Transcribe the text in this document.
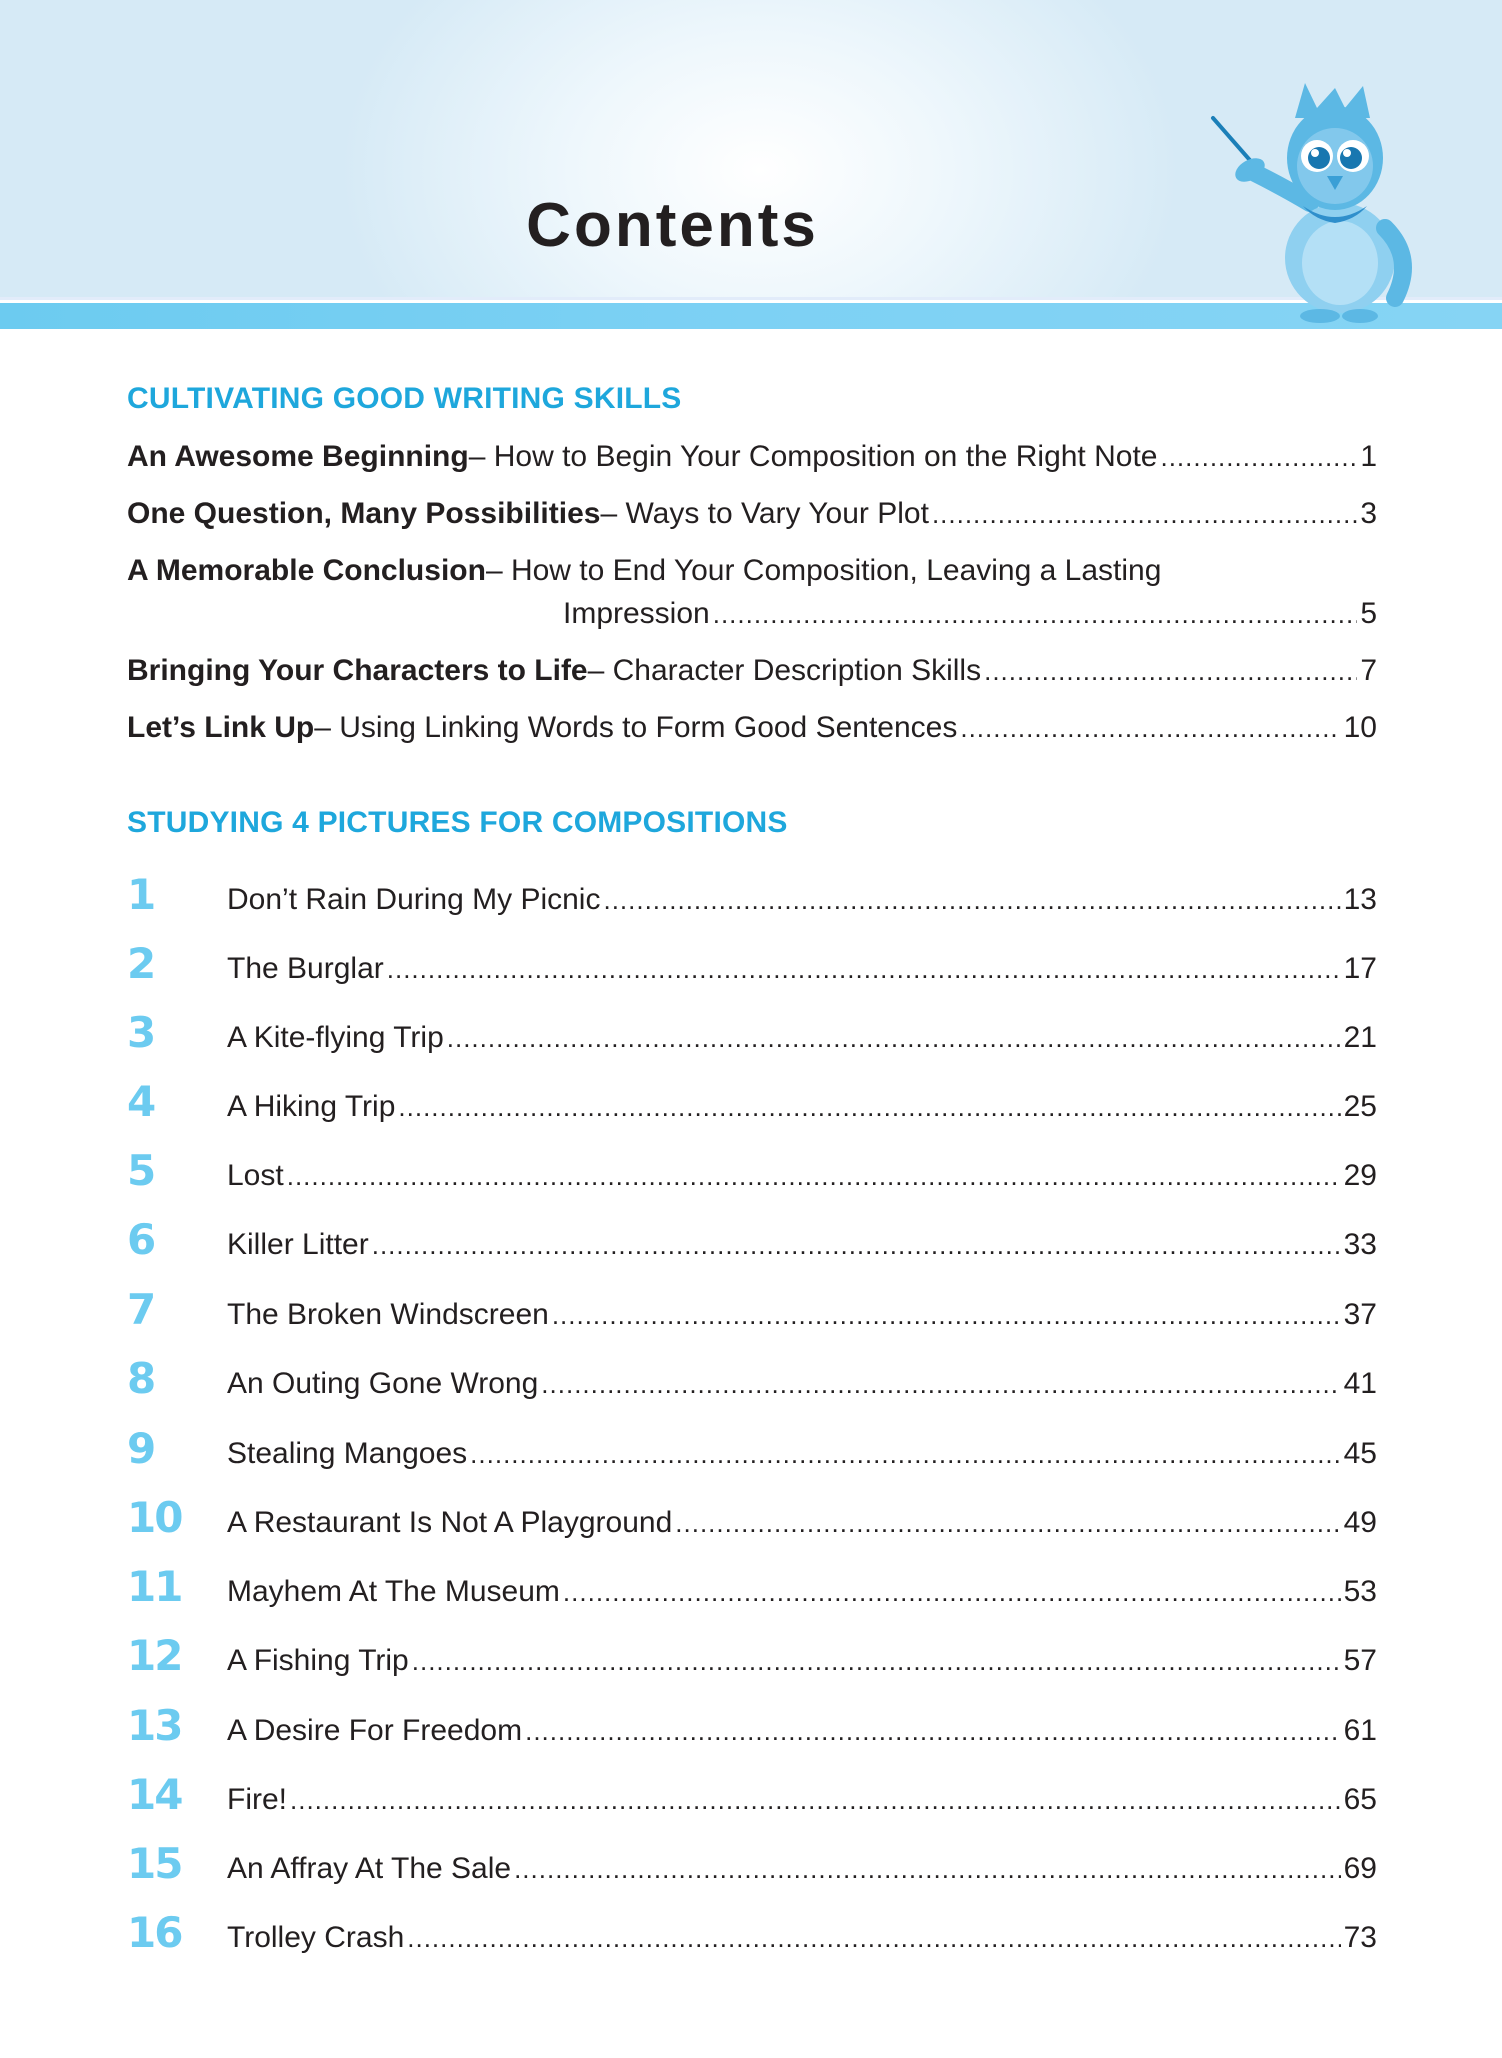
Contents
CULTIVATING GOOD WRITING SKILLS
An Awesome Beginning – How to Begin Your Composition on the Right Note .....	1
One Question, Many Possibilities – Ways to Vary Your Plot .....	3
A Memorable Conclusion – How to End Your Composition, Leaving a Lasting
Impression .....	5
Bringing Your Characters to Life – Character Description Skills .....	7
Let’s Link Up – Using Linking Words to Form Good Sentences .....	10
STUDYING 4 PICTURES FOR COMPOSITIONS
1	Don’t Rain During My Picnic .....	13
2	The Burglar .....	17
3	A Kite-flying Trip .....	21
4	A Hiking Trip .....	25
5	Lost .....	29
6	Killer Litter .....	33
7	The Broken Windscreen .....	37
8	An Outing Gone Wrong .....	41
9	Stealing Mangoes .....	45
10	A Restaurant Is Not A Playground .....	49
11	Mayhem At The Museum .....	53
12	A Fishing Trip .....	57
13	A Desire For Freedom .....	61
14	Fire! .....	65
15	An Affray At The Sale .....	69
16	Trolley Crash .....	73
